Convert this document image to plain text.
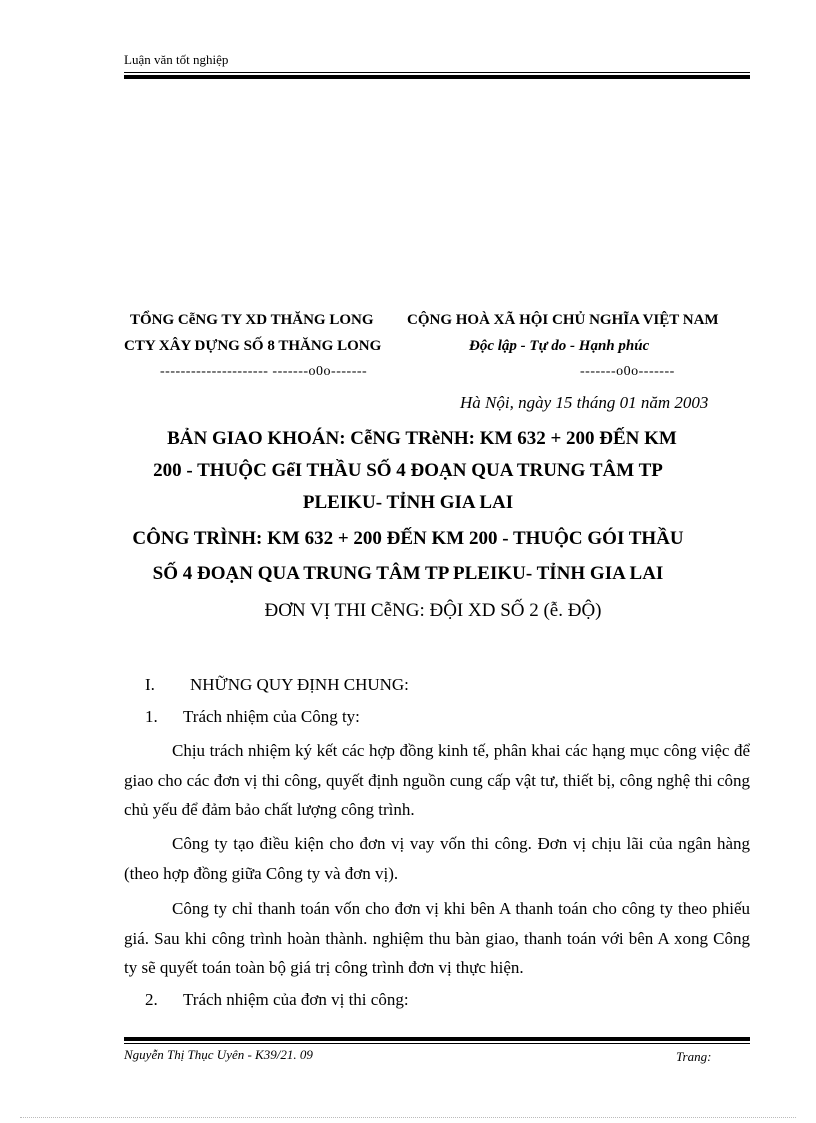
Luận văn tốt nghiệp
TỔNG CễNG TY XD THĂNG LONG CỘNG HOÀ XÃ HỘI CHỦ NGHĨA VIỆT NAM
CTY XÂY DỰNG SỐ 8 THĂNG LONG	Độc lập - Tự do - Hạnh phúc
--------------------- -------o0o-------	-------o0o-------
Hà Nội, ngày 15 tháng 01 năm 2003
BẢN GIAO KHOÁN: CễNG TRèNH: KM 632 + 200 ĐẾN KM
200 - THUỘC GểI THẦU SỐ 4 ĐOẠN QUA TRUNG TÂM TP
PLEIKU- TỈNH GIA LAI
CÔNG TRÌNH: KM 632 + 200 ĐẾN KM 200 - THUỘC GÓI THẦU
SỐ 4 ĐOẠN QUA TRUNG TÂM TP PLEIKU- TỈNH GIA LAI
ĐƠN VỊ THI CễNG: ĐỘI XD SỐ 2 (ễ. ĐỘ)
I. NHỮNG QUY ĐỊNH CHUNG:
1. Trách nhiệm của Công ty:
Chịu trách nhiệm ký kết các hợp đồng kinh tế, phân khai các hạng mục công việc để giao cho các đơn vị thi công, quyết định nguồn cung cấp vật tư, thiết bị, công nghệ thi công chủ yếu để đảm bảo chất lượng công trình.
Công ty tạo điều kiện cho đơn vị vay vốn thi công. Đơn vị chịu lãi của ngân hàng (theo hợp đồng giữa Công ty và đơn vị).
Công ty chỉ thanh toán vốn cho đơn vị khi bên A thanh toán cho công ty theo phiếu giá. Sau khi công trình hoàn thành. nghiệm thu bàn giao, thanh toán với bên A xong Công ty sẽ quyết toán toàn bộ giá trị công trình đơn vị thực hiện.
2. Trách nhiệm của đơn vị thi công:
Nguyễn Thị Thục Uyên - K39/21. 09	Trang:
